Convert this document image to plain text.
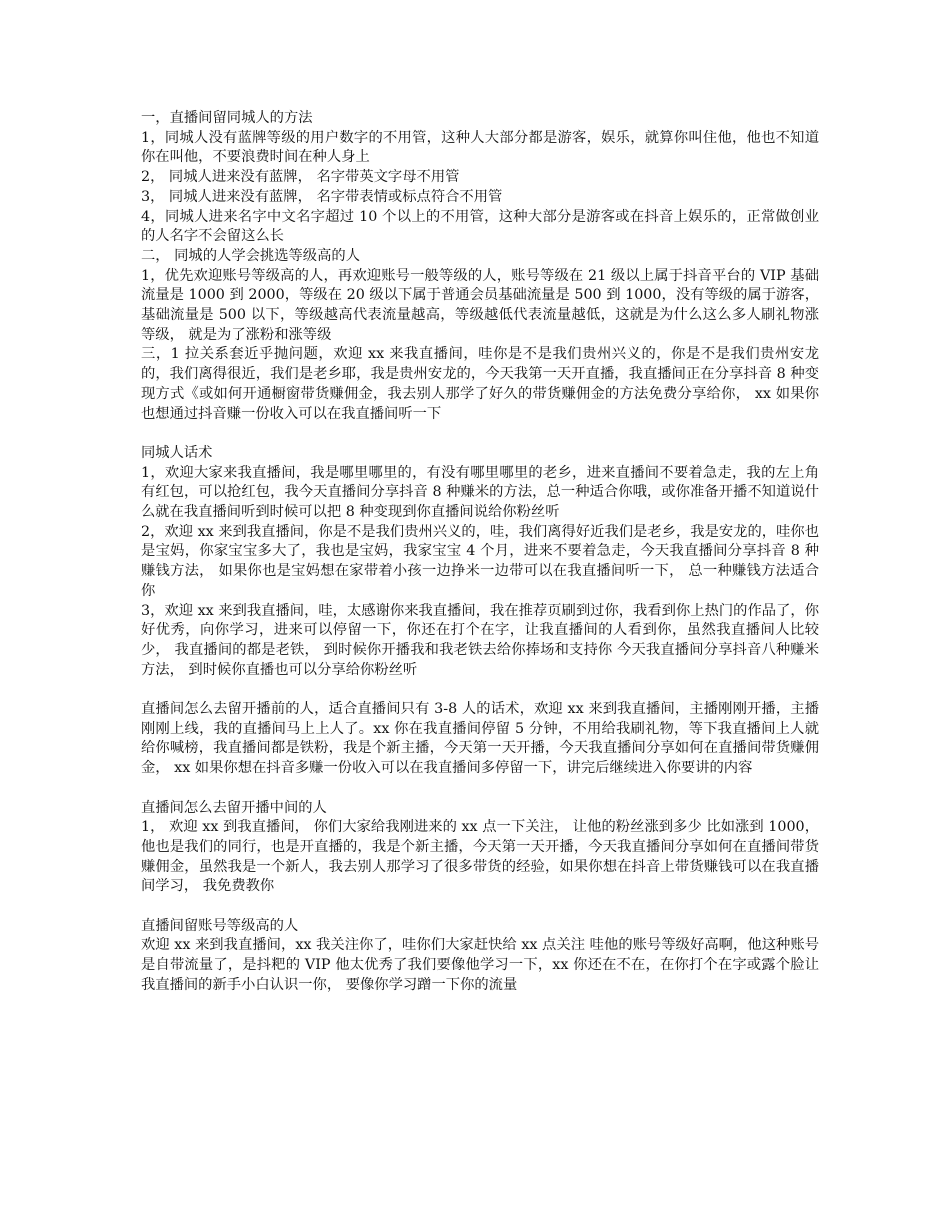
一，直播间留同城人的方法

1，同城人没有蓝牌等级的用户数字的不用管，这种人大部分都是游客，娱乐，就算你叫住他，他也不知道你在叫他，不要浪费时间在种人身上

2， 同城人进来没有蓝牌， 名字带英文字母不用管

3， 同城人进来没有蓝牌， 名字带表情或标点符合不用管

4，同城人进来名字中文名字超过 10 个以上的不用管，这种大部分是游客或在抖音上娱乐的，正常做创业的人名字不会留这么长

二， 同城的人学会挑选等级高的人

1，优先欢迎账号等级高的人，再欢迎账号一般等级的人，账号等级在 21 级以上属于抖音平台的 VIP 基础流量是 1000 到 2000，等级在 20 级以下属于普通会员基础流量是 500 到 1000，没有等级的属于游客，基础流量是 500 以下，等级越高代表流量越高，等级越低代表流量越低，这就是为什么这么多人刷礼物涨等级， 就是为了涨粉和涨等级

三，1 拉关系套近乎抛问题，欢迎 xx 来我直播间，哇你是不是我们贵州兴义的，你是不是我们贵州安龙的，我们离得很近，我们是老乡耶，我是贵州安龙的，今天我第一天开直播，我直播间正在分享抖音 8 种变现方式《或如何开通橱窗带货赚佣金，我去别人那学了好久的带货赚佣金的方法免费分享给你， xx 如果你也想通过抖音赚一份收入可以在我直播间听一下

同城人话术

1，欢迎大家来我直播间，我是哪里哪里的，有没有哪里哪里的老乡，进来直播间不要着急走，我的左上角有红包，可以抢红包，我今天直播间分享抖音 8 种赚米的方法，总一种适合你哦，或你准备开播不知道说什么就在我直播间听到时候可以把 8 种变现到你直播间说给你粉丝听

2，欢迎 xx 来到我直播间，你是不是我们贵州兴义的，哇，我们离得好近我们是老乡，我是安龙的，哇你也是宝妈，你家宝宝多大了，我也是宝妈，我家宝宝 4 个月，进来不要着急走，今天我直播间分享抖音 8 种赚钱方法， 如果你也是宝妈想在家带着小孩一边挣米一边带可以在我直播间听一下， 总一种赚钱方法适合你

3，欢迎 xx 来到我直播间，哇，太感谢你来我直播间，我在推荐页刷到过你，我看到你上热门的作品了，你好优秀，向你学习，进来可以停留一下，你还在打个在字，让我直播间的人看到你，虽然我直播间人比较少， 我直播间的都是老铁， 到时候你开播我和我老铁去给你捧场和支持你 今天我直播间分享抖音八种赚米方法， 到时候你直播也可以分享给你粉丝听

直播间怎么去留开播前的人，适合直播间只有 3-8 人的话术，欢迎 xx 来到我直播间，主播刚刚开播，主播刚刚上线，我的直播间马上上人了。xx 你在我直播间停留 5 分钟，不用给我刷礼物，等下我直播间上人就给你喊榜，我直播间都是铁粉，我是个新主播，今天第一天开播，今天我直播间分享如何在直播间带货赚佣金， xx 如果你想在抖音多赚一份收入可以在我直播间多停留一下，讲完后继续进入你要讲的内容

直播间怎么去留开播中间的人

1， 欢迎 xx 到我直播间， 你们大家给我刚进来的 xx 点一下关注， 让他的粉丝涨到多少 比如涨到 1000，他也是我们的同行，也是开直播的，我是个新主播，今天第一天开播，今天我直播间分享如何在直播间带货赚佣金，虽然我是一个新人，我去别人那学习了很多带货的经验，如果你想在抖音上带货赚钱可以在我直播间学习， 我免费教你

直播间留账号等级高的人

欢迎 xx 来到我直播间，xx 我关注你了，哇你们大家赶快给 xx 点关注 哇他的账号等级好高啊，他这种账号是自带流量了，是抖粑的 VIP 他太优秀了我们要像他学习一下，xx 你还在不在，在你打个在字或露个脸让我直播间的新手小白认识一你， 要像你学习蹭一下你的流量
